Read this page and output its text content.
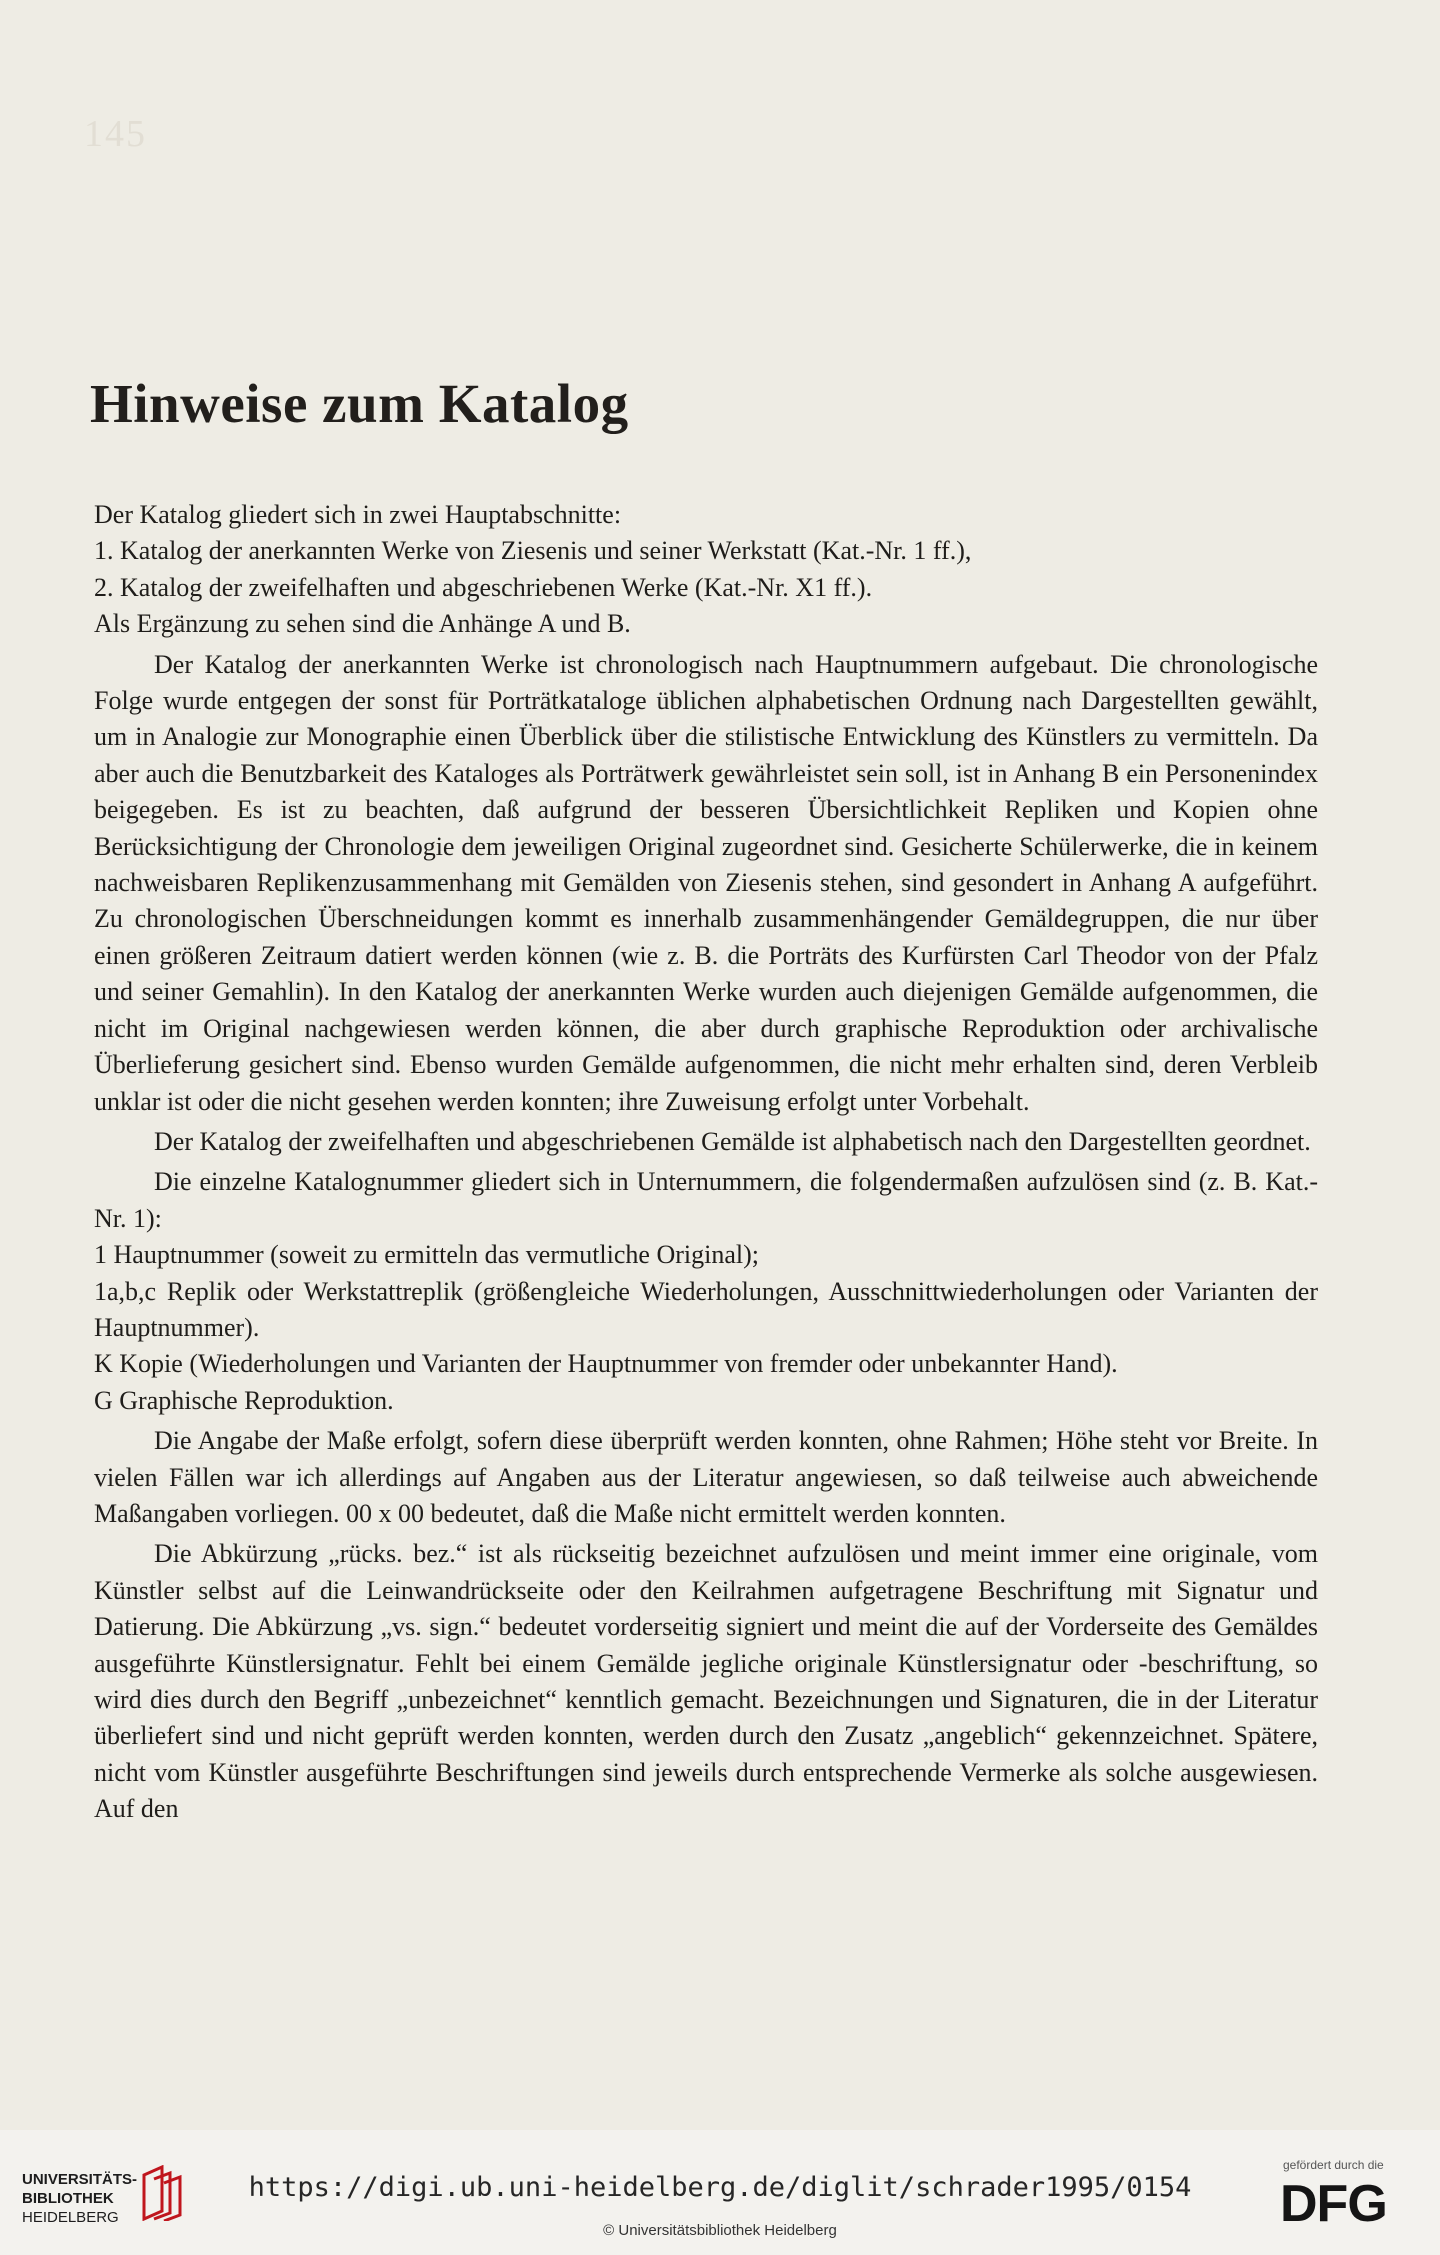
145
Hinweise zum Katalog

Der Katalog gliedert sich in zwei Hauptabschnitte:

1. Katalog der anerkannten Werke von Ziesenis und seiner Werkstatt (Kat.-Nr. 1 ff.),

2. Katalog der zweifelhaften und abgeschriebenen Werke (Kat.-Nr. X1 ff.).

Als Ergänzung zu sehen sind die Anhänge A und B.

Der Katalog der anerkannten Werke ist chronologisch nach Hauptnummern aufgebaut. Die chronologische Folge wurde entgegen der sonst für Porträtkataloge üblichen alphabetischen Ordnung nach Dargestellten gewählt, um in Analogie zur Monographie einen Überblick über die stilistische Entwicklung des Künstlers zu vermitteln. Da aber auch die Benutzbarkeit des Kataloges als Porträtwerk gewährleistet sein soll, ist in Anhang B ein Personenindex beigegeben. Es ist zu beachten, daß aufgrund der besseren Übersichtlichkeit Repliken und Kopien ohne Berücksichtigung der Chronologie dem jeweiligen Original zugeordnet sind. Gesicherte Schülerwerke, die in keinem nachweisbaren Replikenzusammenhang mit Gemälden von Ziesenis stehen, sind gesondert in Anhang A aufgeführt. Zu chronologischen Überschneidungen kommt es innerhalb zusammenhängender Gemäldegruppen, die nur über einen größeren Zeitraum datiert werden können (wie z. B. die Porträts des Kurfürsten Carl Theodor von der Pfalz und seiner Gemahlin). In den Katalog der anerkannten Werke wurden auch diejenigen Gemälde aufgenommen, die nicht im Original nachgewiesen werden können, die aber durch graphische Reproduktion oder archivalische Überlieferung gesichert sind. Ebenso wurden Gemälde aufgenommen, die nicht mehr erhalten sind, deren Verbleib unklar ist oder die nicht gesehen werden konnten; ihre Zuweisung erfolgt unter Vorbehalt.

Der Katalog der zweifelhaften und abgeschriebenen Gemälde ist alphabetisch nach den Dargestellten geordnet.

Die einzelne Katalognummer gliedert sich in Unternummern, die folgendermaßen aufzulösen sind (z. B. Kat.-Nr. 1):

1 Hauptnummer (soweit zu ermitteln das vermutliche Original);

1a,b,c Replik oder Werkstattreplik (größengleiche Wiederholungen, Ausschnittwiederholungen oder Varianten der Hauptnummer).

K Kopie (Wiederholungen und Varianten der Hauptnummer von fremder oder unbekannter Hand).

G Graphische Reproduktion.

Die Angabe der Maße erfolgt, sofern diese überprüft werden konnten, ohne Rahmen; Höhe steht vor Breite. In vielen Fällen war ich allerdings auf Angaben aus der Literatur angewiesen, so daß teilweise auch abweichende Maßangaben vorliegen. 00 x 00 bedeutet, daß die Maße nicht ermittelt werden konnten.

Die Abkürzung „rücks. bez.“ ist als rückseitig bezeichnet aufzulösen und meint immer eine originale, vom Künstler selbst auf die Leinwandrückseite oder den Keilrahmen aufgetragene Beschriftung mit Signatur und Datierung. Die Abkürzung „vs. sign.“ bedeutet vorderseitig signiert und meint die auf der Vorderseite des Gemäldes ausgeführte Künstlersignatur. Fehlt bei einem Gemälde jegliche originale Künstlersignatur oder -beschriftung, so wird dies durch den Begriff „unbezeichnet“ kenntlich gemacht. Bezeichnungen und Signaturen, die in der Literatur überliefert sind und nicht geprüft werden konnten, werden durch den Zusatz „angeblich“ gekennzeichnet. Spätere, nicht vom Künstler ausgeführte Beschriftungen sind jeweils durch entsprechende Vermerke als solche ausgewiesen. Auf den

UNIVERSITÄTS-
BIBLIOTHEK
HEIDELBERG
https://digi.ub.uni-heidelberg.de/diglit/schrader1995/0154
© Universitätsbibliothek Heidelberg
gefördert durch die
DFG
